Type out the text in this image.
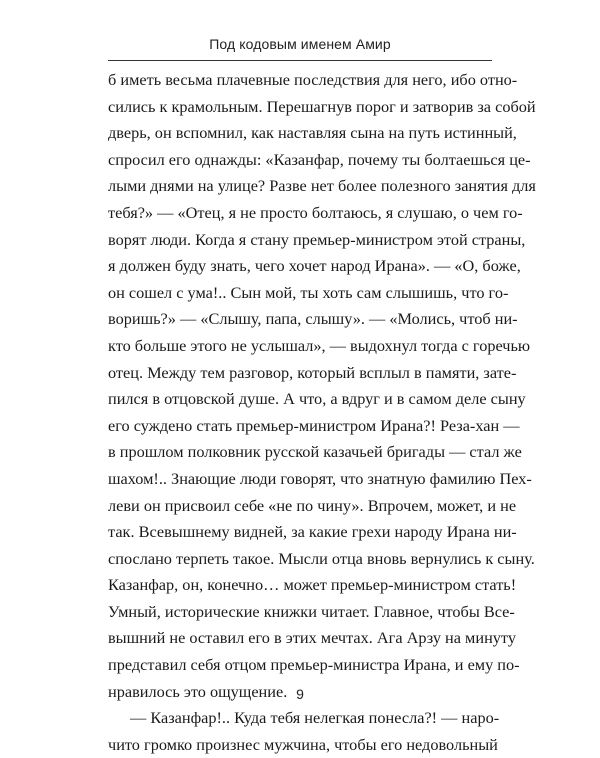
Под кодовым именем Амир
б иметь весьма плачевные последствия для него, ибо отно-
сились к крамольным. Перешагнув порог и затворив за собой
дверь, он вспомнил, как наставляя сына на путь истинный,
спросил его однажды: «Казанфар, почему ты болтаешься це-
лыми днями на улице? Разве нет более полезного занятия для
тебя?» — «Отец, я не просто болтаюсь, я слушаю, о чем го-
ворят люди. Когда я стану премьер-министром этой страны,
я должен буду знать, чего хочет народ Ирана». — «О, боже,
он сошел с ума!.. Сын мой, ты хоть сам слышишь, что го-
воришь?» — «Слышу, папа, слышу». — «Молись, чтоб ни-
кто больше этого не услышал», — выдохнул тогда с горечью
отец. Между тем разговор, который всплыл в памяти, зате-
пился в отцовской душе. А что, а вдруг и в самом деле сыну
его суждено стать премьер-министром Ирана?! Реза-хан —
в прошлом полковник русской казачьей бригады — стал же
шахом!.. Знающие люди говорят, что знатную фамилию Пех-
леви он присвоил себе «не по чину». Впрочем, может, и не
так. Всевышнему видней, за какие грехи народу Ирана ни-
спослано терпеть такое. Мысли отца вновь вернулись к сыну.
Казанфар, он, конечно… может премьер-министром стать!
Умный, исторические книжки читает. Главное, чтобы Все-
вышний не оставил его в этих мечтах. Ага Арзу на минуту
представил себя отцом премьер-министра Ирана, и ему по-
нравилось это ощущение.
— Казанфар!.. Куда тебя нелегкая понесла?! — наро-
чито громко произнес мужчина, чтобы его недовольный
9
